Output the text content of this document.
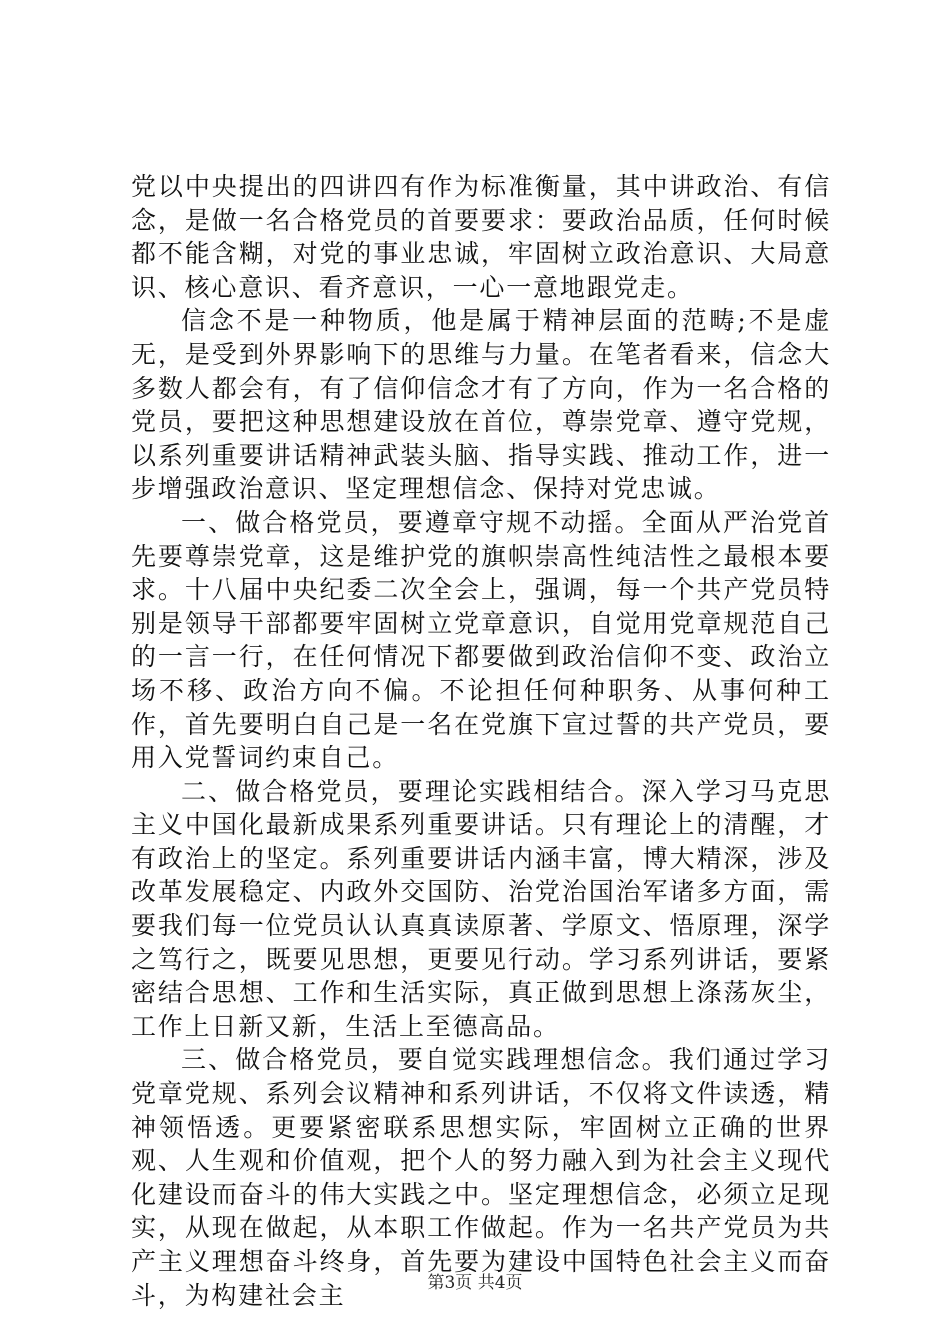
党以中央提出的四讲四有作为标准衡量，其中讲政治、有信念，是做一名合格党员的首要要求：要政治品质，任何时候都不能含糊，对党的事业忠诚，牢固树立政治意识、大局意识、核心意识、看齐意识，一心一意地跟党走。

信念不是一种物质，他是属于精神层面的范畴;不是虚无，是受到外界影响下的思维与力量。在笔者看来，信念大多数人都会有，有了信仰信念才有了方向，作为一名合格的党员，要把这种思想建设放在首位，尊崇党章、遵守党规，以系列重要讲话精神武装头脑、指导实践、推动工作，进一步增强政治意识、坚定理想信念、保持对党忠诚。

一、做合格党员，要遵章守规不动摇。全面从严治党首先要尊崇党章，这是维护党的旗帜崇高性纯洁性之最根本要求。十八届中央纪委二次全会上，强调，每一个共产党员特别是领导干部都要牢固树立党章意识，自觉用党章规范自己的一言一行，在任何情况下都要做到政治信仰不变、政治立场不移、政治方向不偏。不论担任何种职务、从事何种工作，首先要明白自己是一名在党旗下宣过誓的共产党员，要用入党誓词约束自己。

二、做合格党员，要理论实践相结合。深入学习马克思主义中国化最新成果系列重要讲话。只有理论上的清醒，才有政治上的坚定。系列重要讲话内涵丰富，博大精深，涉及改革发展稳定、内政外交国防、治党治国治军诸多方面，需要我们每一位党员认认真真读原著、学原文、悟原理，深学之笃行之，既要见思想，更要见行动。学习系列讲话，要紧密结合思想、工作和生活实际，真正做到思想上涤荡灰尘，工作上日新又新，生活上至德高品。

三、做合格党员，要自觉实践理想信念。我们通过学习党章党规、系列会议精神和系列讲话，不仅将文件读透，精神领悟透。更要紧密联系思想实际，牢固树立正确的世界观、人生观和价值观，把个人的努力融入到为社会主义现代化建设而奋斗的伟大实践之中。坚定理想信念，必须立足现实，从现在做起，从本职工作做起。作为一名共产党员为共产主义理想奋斗终身，首先要为建设中国特色社会主义而奋斗，为构建社会主	第3页 共4页
